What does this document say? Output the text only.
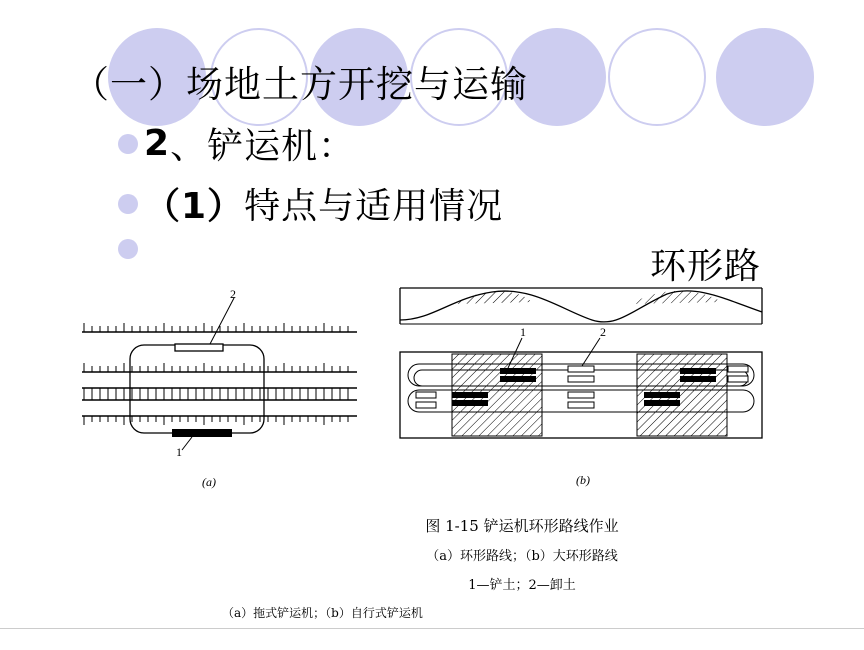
（一）场地土方开挖与运输
2、铲运机：
（1）特点与适用情况
环形路
2
1
(a)
1	2
(b)
图 1-15 铲运机环形路线作业
（a）环形路线；（b）大环形路线
1—铲土；2—卸土
（a）拖式铲运机；（b）自行式铲运机
